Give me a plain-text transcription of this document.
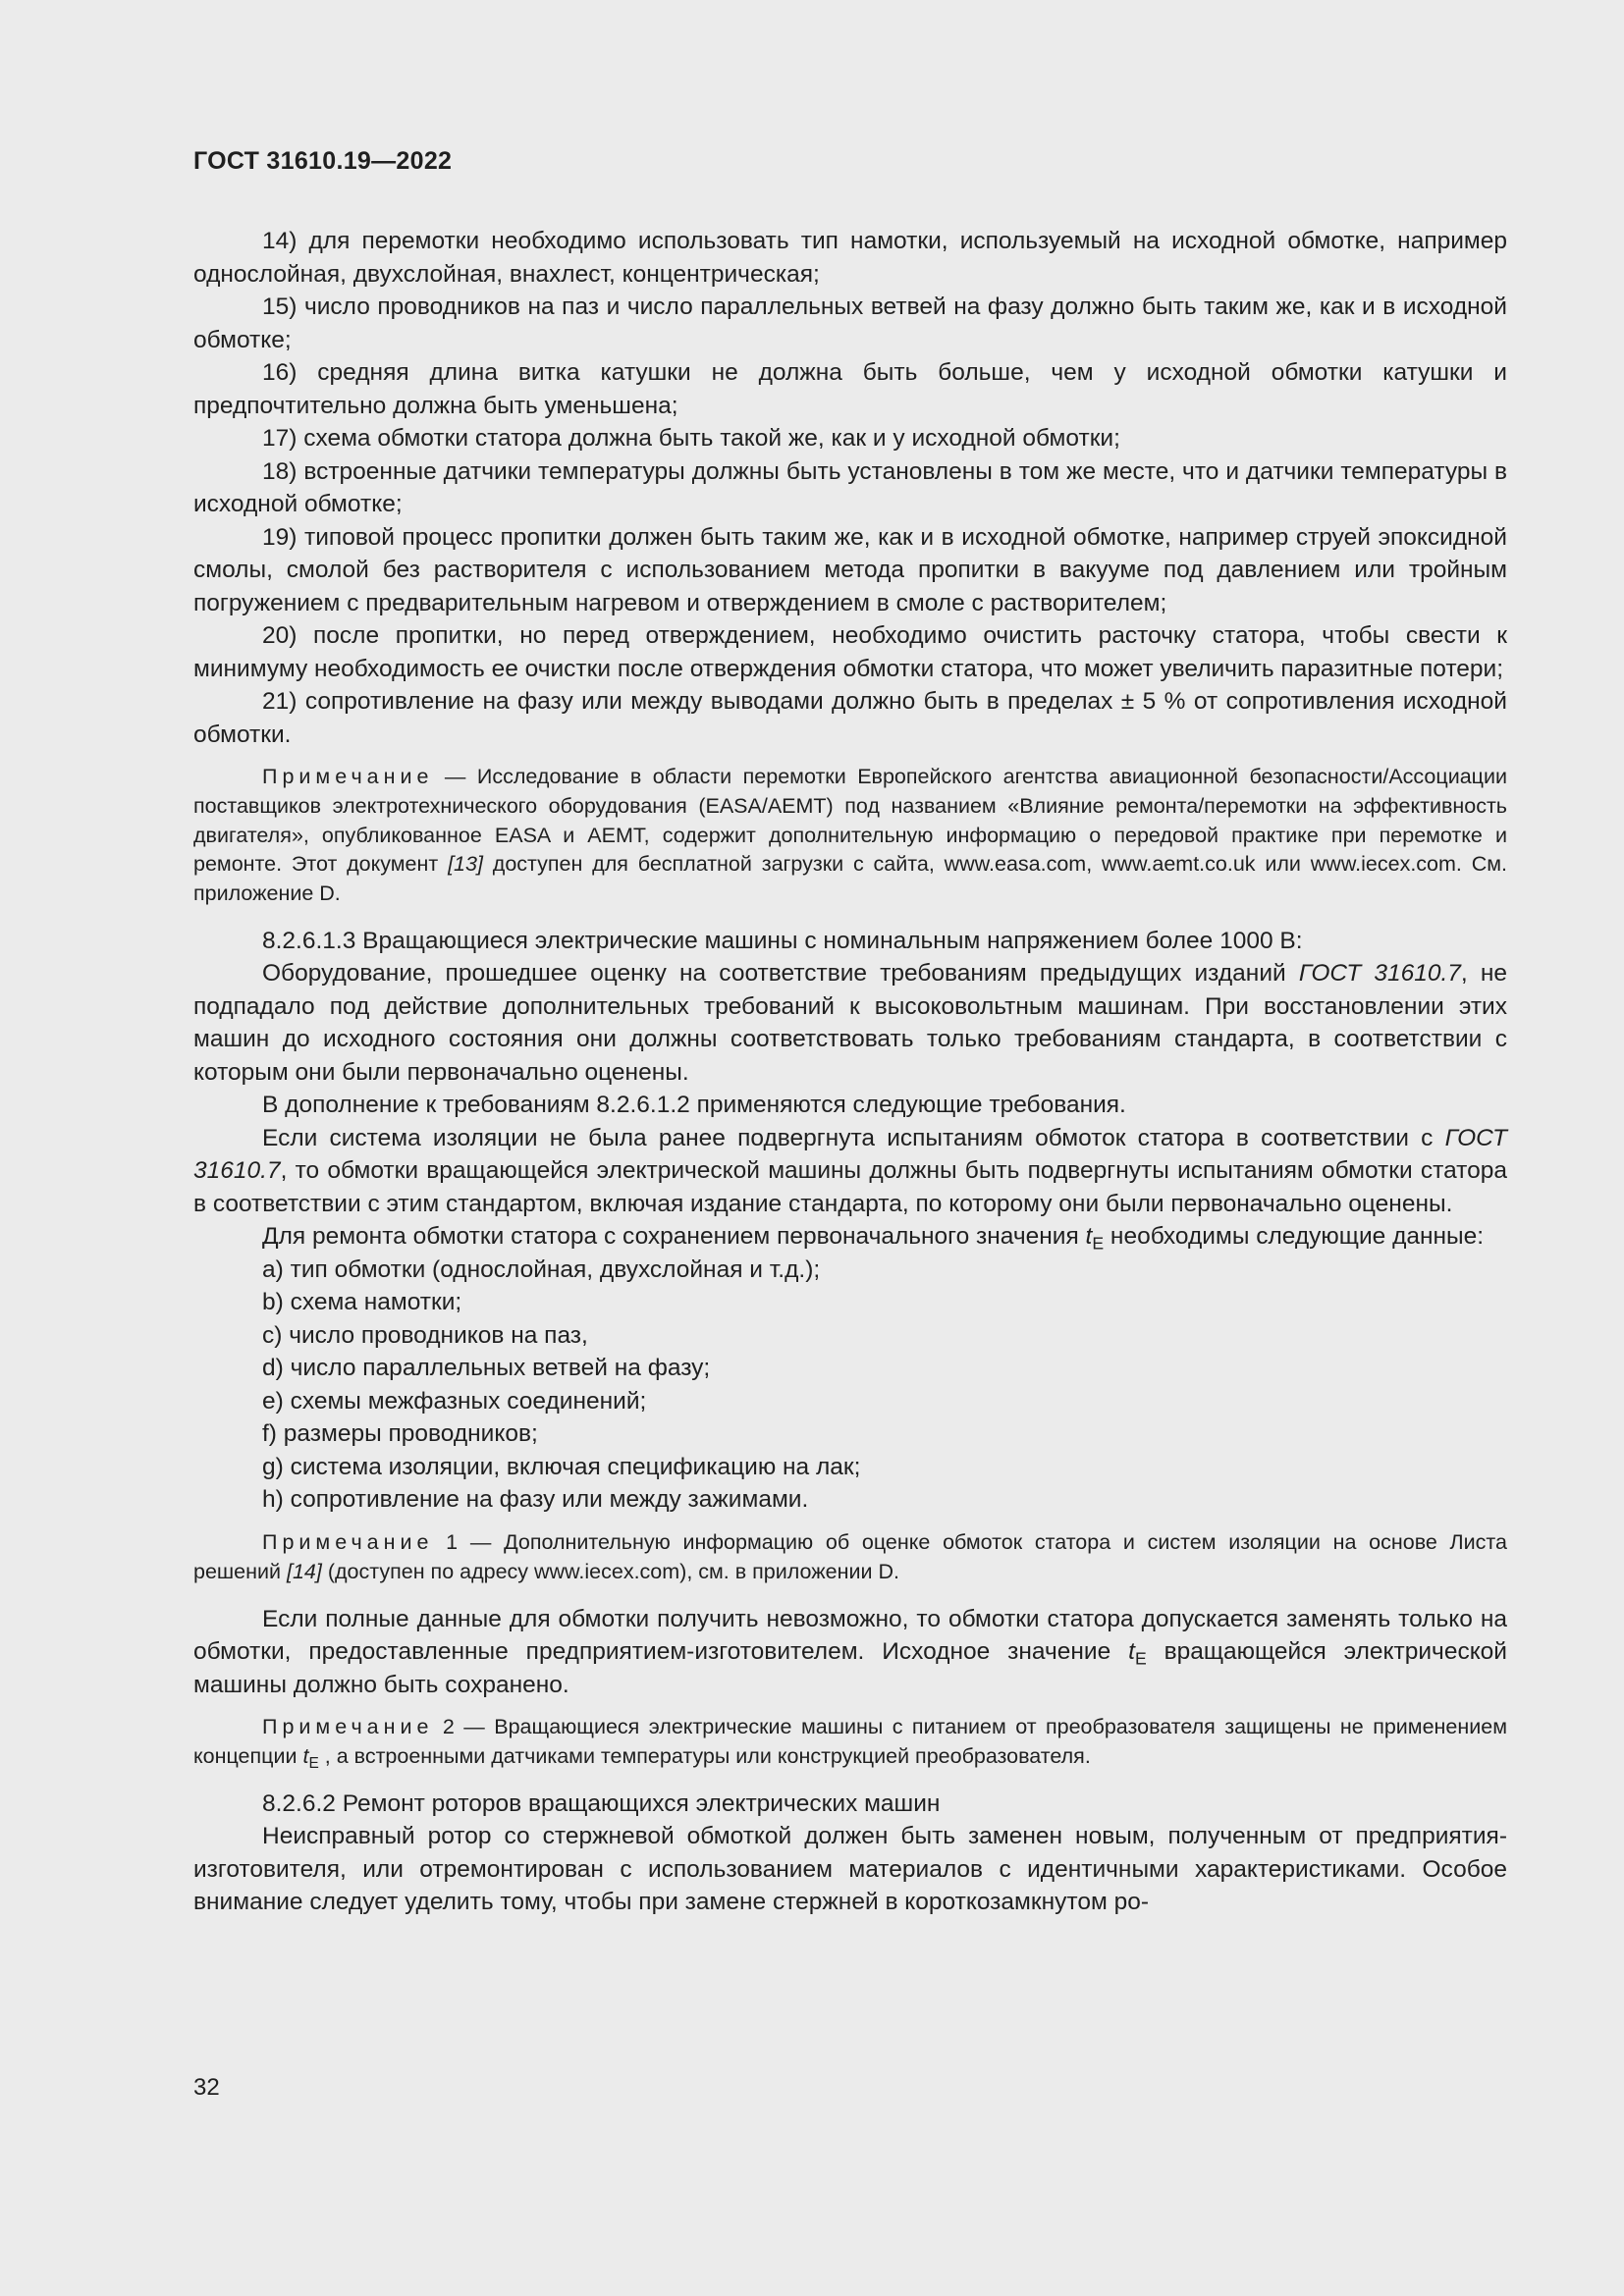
ГОСТ 31610.19—2022

14) для перемотки необходимо использовать тип намотки, используемый на исходной обмотке, например однослойная, двухслойная, внахлест, концентрическая;

15) число проводников на паз и число параллельных ветвей на фазу должно быть таким же, как и в исходной обмотке;

16) средняя длина витка катушки не должна быть больше, чем у исходной обмотки катушки и предпочтительно должна быть уменьшена;

17) схема обмотки статора должна быть такой же, как и у исходной обмотки;

18) встроенные датчики температуры должны быть установлены в том же месте, что и датчики температуры в исходной обмотке;

19) типовой процесс пропитки должен быть таким же, как и в исходной обмотке, например струей эпоксидной смолы, смолой без растворителя с использованием метода пропитки в вакууме под давлением или тройным погружением с предварительным нагревом и отверждением в смоле с растворителем;

20) после пропитки, но перед отверждением, необходимо очистить расточку статора, чтобы свести к минимуму необходимость ее очистки после отверждения обмотки статора, что может увеличить паразитные потери;

21) сопротивление на фазу или между выводами должно быть в пределах ± 5 % от сопротивления исходной обмотки.

Примечание — Исследование в области перемотки Европейского агентства авиационной безопасности/Ассоциации поставщиков электротехнического оборудования (EASA/AEMT) под названием «Влияние ремонта/перемотки на эффективность двигателя», опубликованное EASA и AEMT, содержит дополнительную информацию о передовой практике при перемотке и ремонте. Этот документ [13] доступен для бесплатной загрузки с сайта, www.easa.com, www.aemt.co.uk или www.iecex.com. См. приложение D.

8.2.6.1.3 Вращающиеся электрические машины с номинальным напряжением более 1000 В:

Оборудование, прошедшее оценку на соответствие требованиям предыдущих изданий ГОСТ 31610.7, не подпадало под действие дополнительных требований к высоковольтным машинам. При восстановлении этих машин до исходного состояния они должны соответствовать только требованиям стандарта, в соответствии с которым они были первоначально оценены.

В дополнение к требованиям 8.2.6.1.2 применяются следующие требования.

Если система изоляции не была ранее подвергнута испытаниям обмоток статора в соответствии с ГОСТ 31610.7, то обмотки вращающейся электрической машины должны быть подвергнуты испытаниям обмотки статора в соответствии с этим стандартом, включая издание стандарта, по которому они были первоначально оценены.

Для ремонта обмотки статора с сохранением первоначального значения $t_E$ необходимы следующие данные:

a) тип обмотки (однослойная, двухслойная и т.д.);

b) схема намотки;

c) число проводников на паз,

d) число параллельных ветвей на фазу;

e) схемы межфазных соединений;

f) размеры проводников;

g) система изоляции, включая спецификацию на лак;

h) сопротивление на фазу или между зажимами.

Примечание 1 — Дополнительную информацию об оценке обмоток статора и систем изоляции на основе Листа решений [14] (доступен по адресу www.iecex.com), см. в приложении D.

Если полные данные для обмотки получить невозможно, то обмотки статора допускается заменять только на обмотки, предоставленные предприятием-изготовителем. Исходное значение $t_E$ вращающейся электрической машины должно быть сохранено.

Примечание 2 — Вращающиеся электрические машины с питанием от преобразователя защищены не применением концепции $t_E$ , а встроенными датчиками температуры или конструкцией преобразователя.

8.2.6.2 Ремонт роторов вращающихся электрических машин

Неисправный ротор со стержневой обмоткой должен быть заменен новым, полученным от предприятия-изготовителя, или отремонтирован с использованием материалов с идентичными характеристиками. Особое внимание следует уделить тому, чтобы при замене стержней в короткозамкнутом ро-

32
